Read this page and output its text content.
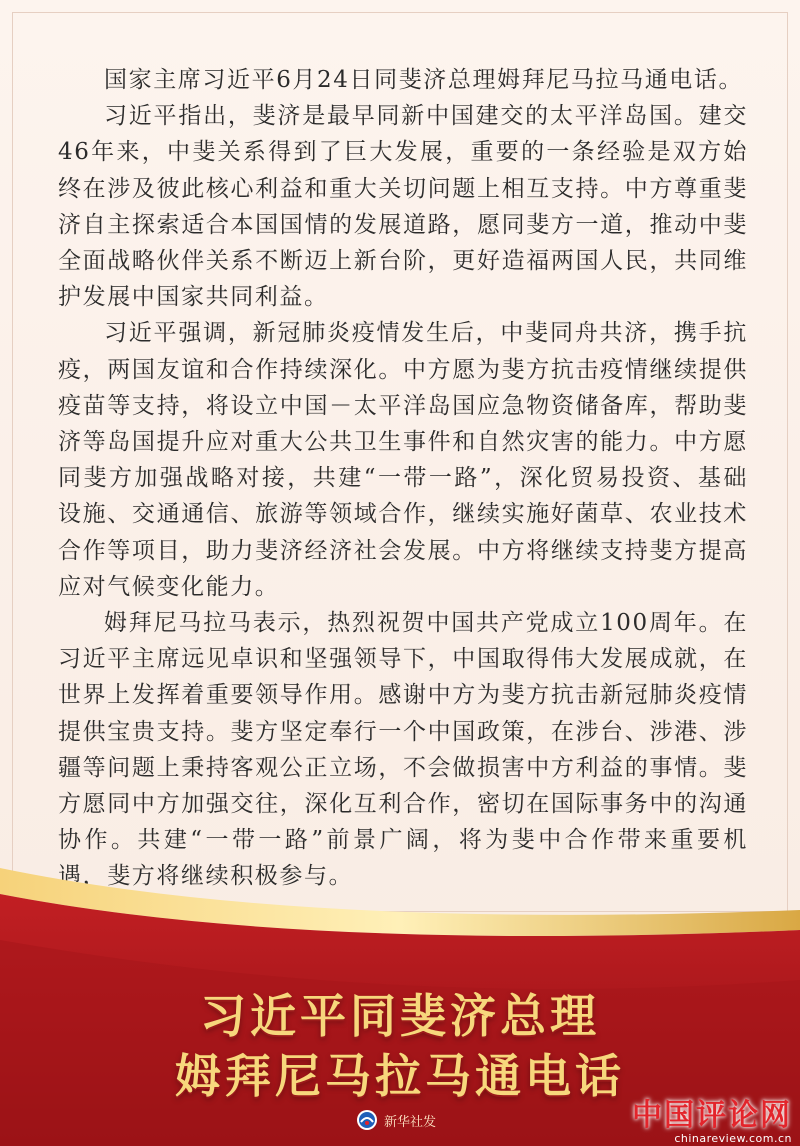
国家主席习近平6月24日同斐济总理姆拜尼马拉马通电话。

习近平指出，斐济是最早同新中国建交的太平洋岛国。建交46年来，中斐关系得到了巨大发展，重要的一条经验是双方始终在涉及彼此核心利益和重大关切问题上相互支持。中方尊重斐济自主探索适合本国国情的发展道路，愿同斐方一道，推动中斐全面战略伙伴关系不断迈上新台阶，更好造福两国人民，共同维护发展中国家共同利益。

习近平强调，新冠肺炎疫情发生后，中斐同舟共济，携手抗疫，两国友谊和合作持续深化。中方愿为斐方抗击疫情继续提供疫苗等支持，将设立中国－太平洋岛国应急物资储备库，帮助斐济等岛国提升应对重大公共卫生事件和自然灾害的能力。中方愿同斐方加强战略对接，共建“一带一路”，深化贸易投资、基础设施、交通通信、旅游等领域合作，继续实施好菌草、农业技术合作等项目，助力斐济经济社会发展。中方将继续支持斐方提高应对气候变化能力。

姆拜尼马拉马表示，热烈祝贺中国共产党成立100周年。在习近平主席远见卓识和坚强领导下，中国取得伟大发展成就，在世界上发挥着重要领导作用。感谢中方为斐方抗击新冠肺炎疫情提供宝贵支持。斐方坚定奉行一个中国政策，在涉台、涉港、涉疆等问题上秉持客观公正立场，不会做损害中方利益的事情。斐方愿同中方加强交往，深化互利合作，密切在国际事务中的沟通协作。共建“一带一路”前景广阔，将为斐中合作带来重要机遇，斐方将继续积极参与。

习近平同斐济总理
姆拜尼马拉马通电话
新华社发	中国评论网
chinareview.com.cn
